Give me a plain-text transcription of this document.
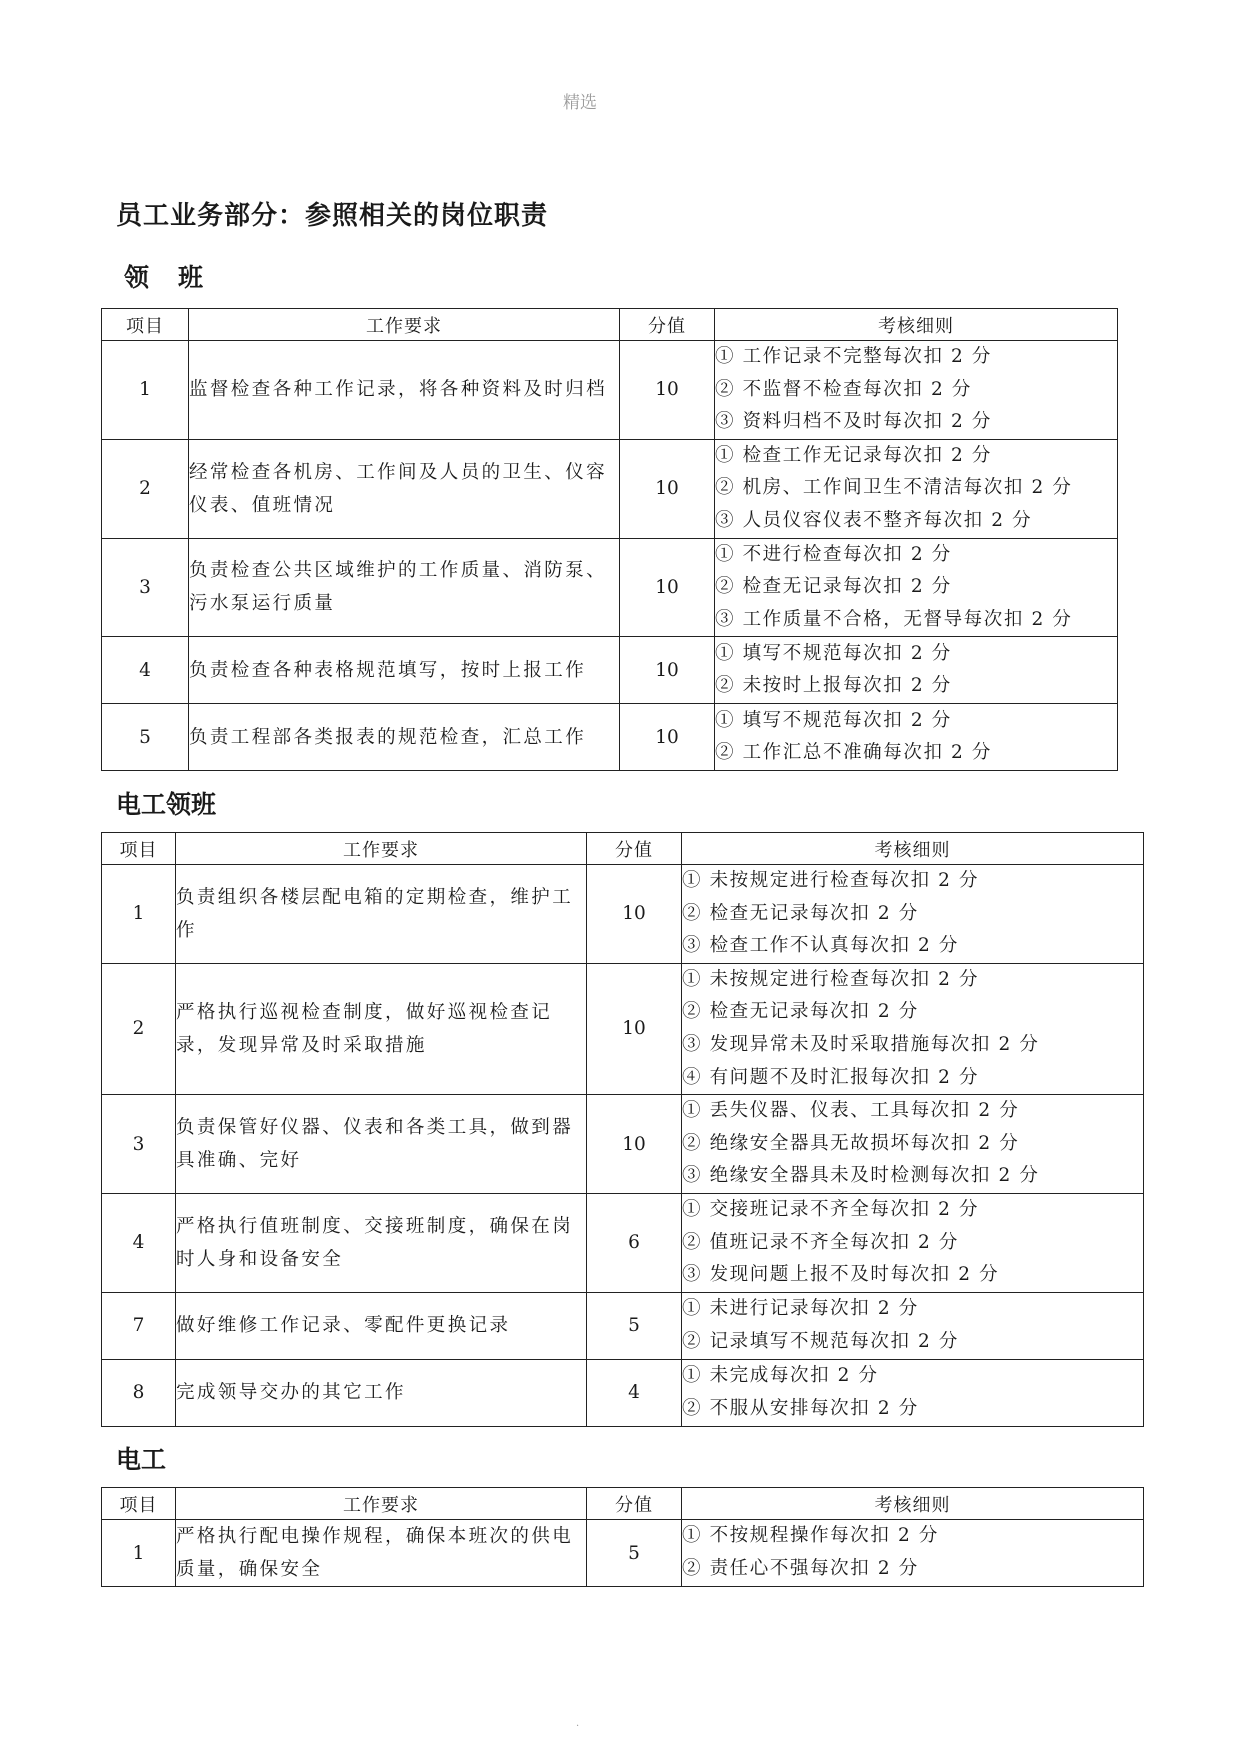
精选
员工业务部分：参照相关的岗位职责
领　班
项目	工作要求	分值	考核细则
1	监督检查各种工作记录，将各种资料及时归档	10	① 工作记录不完整每次扣 2 分
② 不监督不检查每次扣 2 分
③ 资料归档不及时每次扣 2 分

2	经常检查各机房、工作间及人员的卫生、仪容仪表、值班情况	10	① 检查工作无记录每次扣 2 分
② 机房、工作间卫生不清洁每次扣 2 分
③ 人员仪容仪表不整齐每次扣 2 分

3	负责检查公共区域维护的工作质量、消防泵、污水泵运行质量	10	① 不进行检查每次扣 2 分
② 检查无记录每次扣 2 分
③ 工作质量不合格，无督导每次扣 2 分

4	负责检查各种表格规范填写，按时上报工作	10	① 填写不规范每次扣 2 分
② 未按时上报每次扣 2 分

5	负责工程部各类报表的规范检查，汇总工作	10	① 填写不规范每次扣 2 分
② 工作汇总不准确每次扣 2 分
电工领班
项目	工作要求	分值	考核细则
1	负责组织各楼层配电箱的定期检查，维护工作	10	① 未按规定进行检查每次扣 2 分
② 检查无记录每次扣 2 分
③ 检查工作不认真每次扣 2 分

2	严格执行巡视检查制度，做好巡视检查记录，发现异常及时采取措施	10	① 未按规定进行检查每次扣 2 分
② 检查无记录每次扣 2 分
③ 发现异常未及时采取措施每次扣 2 分
④ 有问题不及时汇报每次扣 2 分

3	负责保管好仪器、仪表和各类工具，做到器具准确、完好	10	① 丢失仪器、仪表、工具每次扣 2 分
② 绝缘安全器具无故损坏每次扣 2 分
③ 绝缘安全器具未及时检测每次扣 2 分

4	严格执行值班制度、交接班制度，确保在岗时人身和设备安全	6	① 交接班记录不齐全每次扣 2 分
② 值班记录不齐全每次扣 2 分
③ 发现问题上报不及时每次扣 2 分

7	做好维修工作记录、零配件更换记录	5	① 未进行记录每次扣 2 分
② 记录填写不规范每次扣 2 分

8	完成领导交办的其它工作	4	① 未完成每次扣 2 分
② 不服从安排每次扣 2 分
电工
项目	工作要求	分值	考核细则
1	严格执行配电操作规程，确保本班次的供电质量，确保安全	5	① 不按规程操作每次扣 2 分
② 责任心不强每次扣 2 分
.
